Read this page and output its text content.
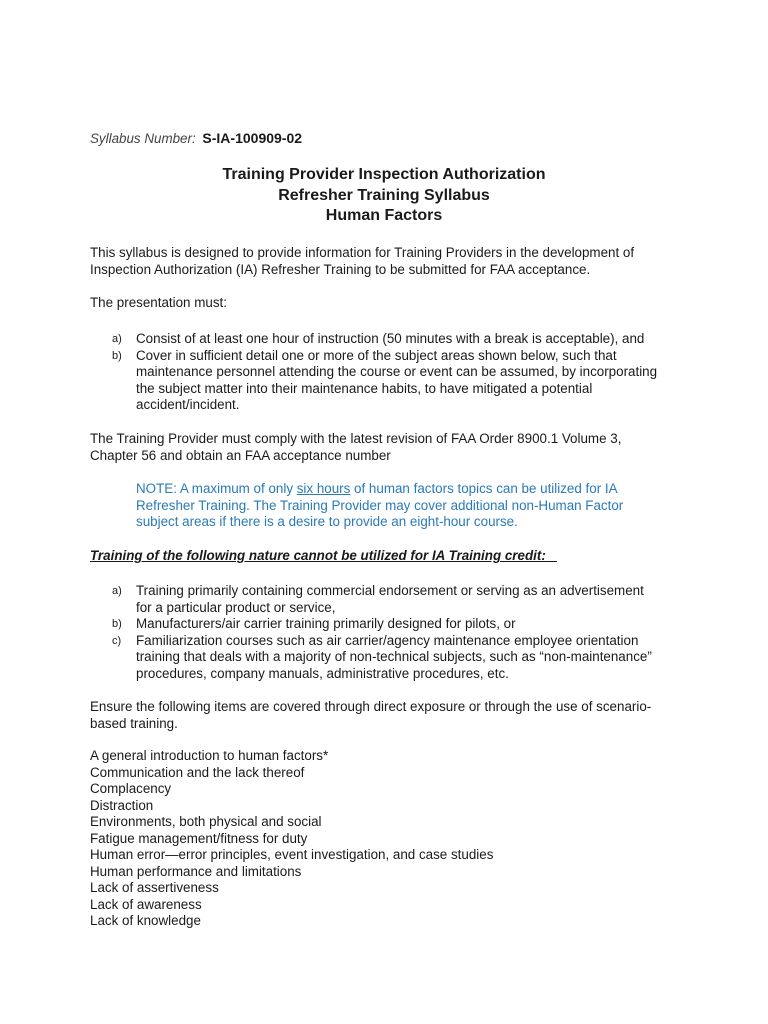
Syllabus Number: S-IA-100909-02
Training Provider Inspection Authorization
Refresher Training Syllabus
Human Factors
This syllabus is designed to provide information for Training Providers in the development of
Inspection Authorization (IA) Refresher Training to be submitted for FAA acceptance.
The presentation must:
a) Consist of at least one hour of instruction (50 minutes with a break is acceptable), and
b) Cover in sufficient detail one or more of the subject areas shown below, such that
maintenance personnel attending the course or event can be assumed, by incorporating
the subject matter into their maintenance habits, to have mitigated a potential
accident/incident.
The Training Provider must comply with the latest revision of FAA Order 8900.1 Volume 3,
Chapter 56 and obtain an FAA acceptance number
NOTE: A maximum of only six hours of human factors topics can be utilized for IA
Refresher Training. The Training Provider may cover additional non-Human Factor
subject areas if there is a desire to provide an eight-hour course.
Training of the following nature cannot be utilized for IA Training credit:
a) Training primarily containing commercial endorsement or serving as an advertisement
for a particular product or service,
b) Manufacturers/air carrier training primarily designed for pilots, or
c) Familiarization courses such as air carrier/agency maintenance employee orientation
training that deals with a majority of non-technical subjects, such as “non-maintenance”
procedures, company manuals, administrative procedures, etc.
Ensure the following items are covered through direct exposure or through the use of scenario-
based training.
A general introduction to human factors*
Communication and the lack thereof
Complacency
Distraction
Environments, both physical and social
Fatigue management/fitness for duty
Human error—error principles, event investigation, and case studies
Human performance and limitations
Lack of assertiveness
Lack of awareness
Lack of knowledge
